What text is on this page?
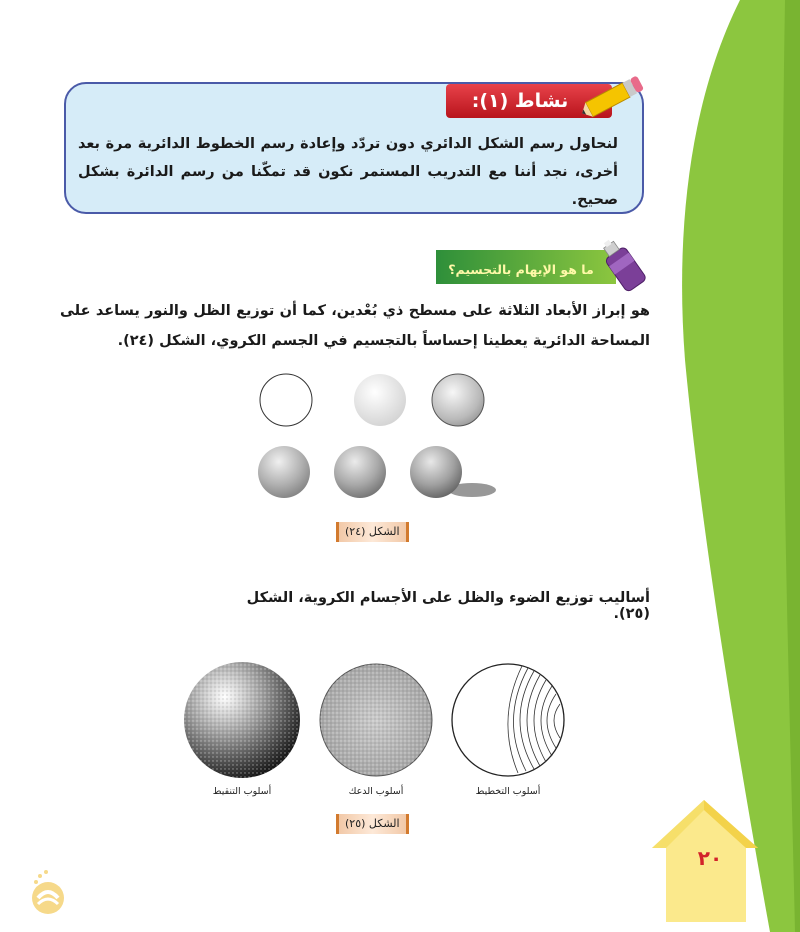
نشاط (١):
لنحاول رسم الشكل الدائري دون تردّد وإعادة رسم الخطوط الدائرية مرة بعد أخرى، نجد أننا مع التدريب المستمر نكون قد تمكّنا من رسم الدائرة بشكل صحيح.
ما هو الإيهام بالتجسيم؟
هو إبراز الأبعاد الثلاثة على مسطح ذي بُعْدين، كما أن توزيع الظل والنور يساعد على المساحة الدائرية يعطينا إحساساً بالتجسيم في الجسم الكروي، الشكل (٢٤).
الشكل (٢٤)
أساليب توزيع الضوء والظل على الأجسام الكروية، الشكل (٢٥).
أسلوب التخطيط
أسلوب الدعك
أسلوب التنقيط
الشكل (٢٥)
٢٠
